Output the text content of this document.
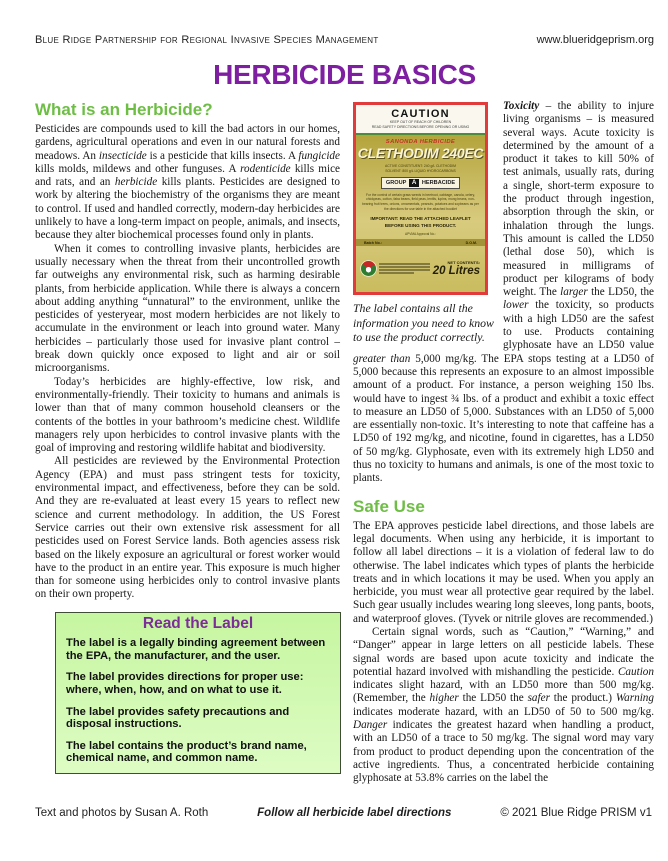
Blue Ridge Partnership for Regional Invasive Species Management	www.blueridgeprism.org
HERBICIDE BASICS
What is an Herbicide?

Pesticides are compounds used to kill the bad actors in our homes, gardens, agricultural operations and even in our natural forests and meadows. An insecticide is a pesticide that kills insects. A fungicide kills molds, mildews and other funguses. A rodenticide kills mice and rats, and an herbicide kills plants. Pesticides are designed to work by altering the biochemistry of the organisms they are meant to control. If used and handled correctly, modern-day herbicides are unlikely to have a long-term impact on people, animals, and insects, because they alter biochemical processes found only in plants.

When it comes to controlling invasive plants, herbicides are usually necessary when the threat from their uncontrolled growth far outweighs any environmental risk, such as harming desirable plants, from herbicide application. While there is always a concern about adding anything “unnatural” to the environment, unlike the pesticides of yesteryear, most modern herbicides are not likely to accumulate in the environment or leach into ground water. Many herbicides – particularly those used for invasive plant control – break down quickly once exposed to light and air or soil microorganisms.

Today’s herbicides are highly-effective, low risk, and environmentally-friendly. Their toxicity to humans and animals is lower than that of many common household cleansers or the contents of the bottles in your bathroom’s medicine chest. Wildlife managers rely upon herbicides to control invasive plants with the goal of improving and restoring wildlife habitat and biodiversity.

All pesticides are reviewed by the Environmental Protection Agency (EPA) and must pass stringent tests for toxicity, environmental impact, and effectiveness, before they can be sold. And they are re-evaluated at least every 15 years to reflect new science and current methodology. In addition, the US Forest Service carries out their own extensive risk assessment for all pesticides used on Forest Service lands. Both agencies assess risk based on the likely exposure an agricultural or forest worker would have to the product in an entire year. This exposure is much higher than for someone using herbicides only to control invasive plants on their own property.

Read the Label

The label is a legally binding agreement between the EPA, the manufacturer, and the user.

The label provides directions for proper use: where, when, how, and on what to use it.

The label provides safety precautions and disposal instructions.

The label contains the product’s brand name, chemical name, and common name.

CAUTION
KEEP OUT OF REACH OF CHILDREN
READ SAFETY DIRECTIONS BEFORE OPENING OR USING
SANONDA HERBICIDE
CLETHODIM 240EC
ACTIVE CONSTITUENT: 240 g/L CLETHODIM
SOLVENT: 800 g/L LIQUID HYDROCARBONS
GROUP A HERBACIDE
For the control of certain grass weeds in beetroot, cabbage, canola, celery, chickpeas, cotton, faba beans, field peas, lentils, lupins, mung beans, non-bearing fruit trees, onions, ornamentals, peanuts, potatoes and soybeans as per the directions for use table in the attached booklet
IMPORTANT: READ THE ATTACHED LEAFLET BEFORE USING THIS PRODUCT.
APVMA Approval No.:
Batch No.:	D.O.M.
NET CONTENTS:
20 Litres

The label contains all the information you need to know to use the product correctly.

Toxicity – the ability to injure living organisms – is measured several ways. Acute toxicity is determined by the amount of a product it takes to kill 50% of test animals, usually rats, during a single, short-term exposure to the product through ingestion, absorption through the skin, or inhalation through the lungs. This amount is called the LD50 (lethal dose 50), which is measured in milligrams of product per kilograms of body weight. The larger the LD50, the lower the toxicity, so products with a high LD50 are the safest to use. Products containing glyphosate have an LD50 value greater than 5,000 mg/kg. The EPA stops testing at a LD50 of 5,000 because this represents an exposure to an almost impossible amount of a product. For instance, a person weighing 150 lbs. would have to ingest ¾ lbs. of a product and exhibit a toxic effect to measure an LD50 of 5,000. Substances with an LD50 of 5,000 are essentially non-toxic. It’s interesting to note that caffeine has a LD50 of 192 mg/kg, and nicotine, found in cigarettes, has a LD50 of 50 mg/kg. Glyphosate, even with its extremely high LD50 and thus no toxicity to humans and animals, is one of the most toxic to plants.

Safe Use

The EPA approves pesticide label directions, and those labels are legal documents. When using any herbicide, it is important to follow all label directions – it is a violation of federal law to do otherwise. The label indicates which types of plants the herbicide treats and in which locations it may be used. When you apply an herbicide, you must wear all protective gear required by the label. Such gear usually includes wearing long sleeves, long pants, boots, and waterproof gloves. (Tyvek or nitrile gloves are recommended.)

Certain signal words, such as “Caution,” “Warning,” and “Danger” appear in large letters on all pesticide labels. These signal words are based upon acute toxicity and indicate the potential hazard involved with mishandling the pesticide. Caution indicates slight hazard, with an LD50 more than 500 mg/kg. (Remember, the higher the LD50 the safer the product.) Warning indicates moderate hazard, with an LD50 of 50 to 500 mg/kg. Danger indicates the greatest hazard when handling a product, with an LD50 of a trace to 50 mg/kg. The signal word may vary from product to product depending upon the concentration of the active ingredients. Thus, a concentrated herbicide containing glyphosate at 53.8% carries on the label the

Text and photos by Susan A. Roth	Follow all herbicide label directions	© 2021 Blue Ridge PRISM v1
